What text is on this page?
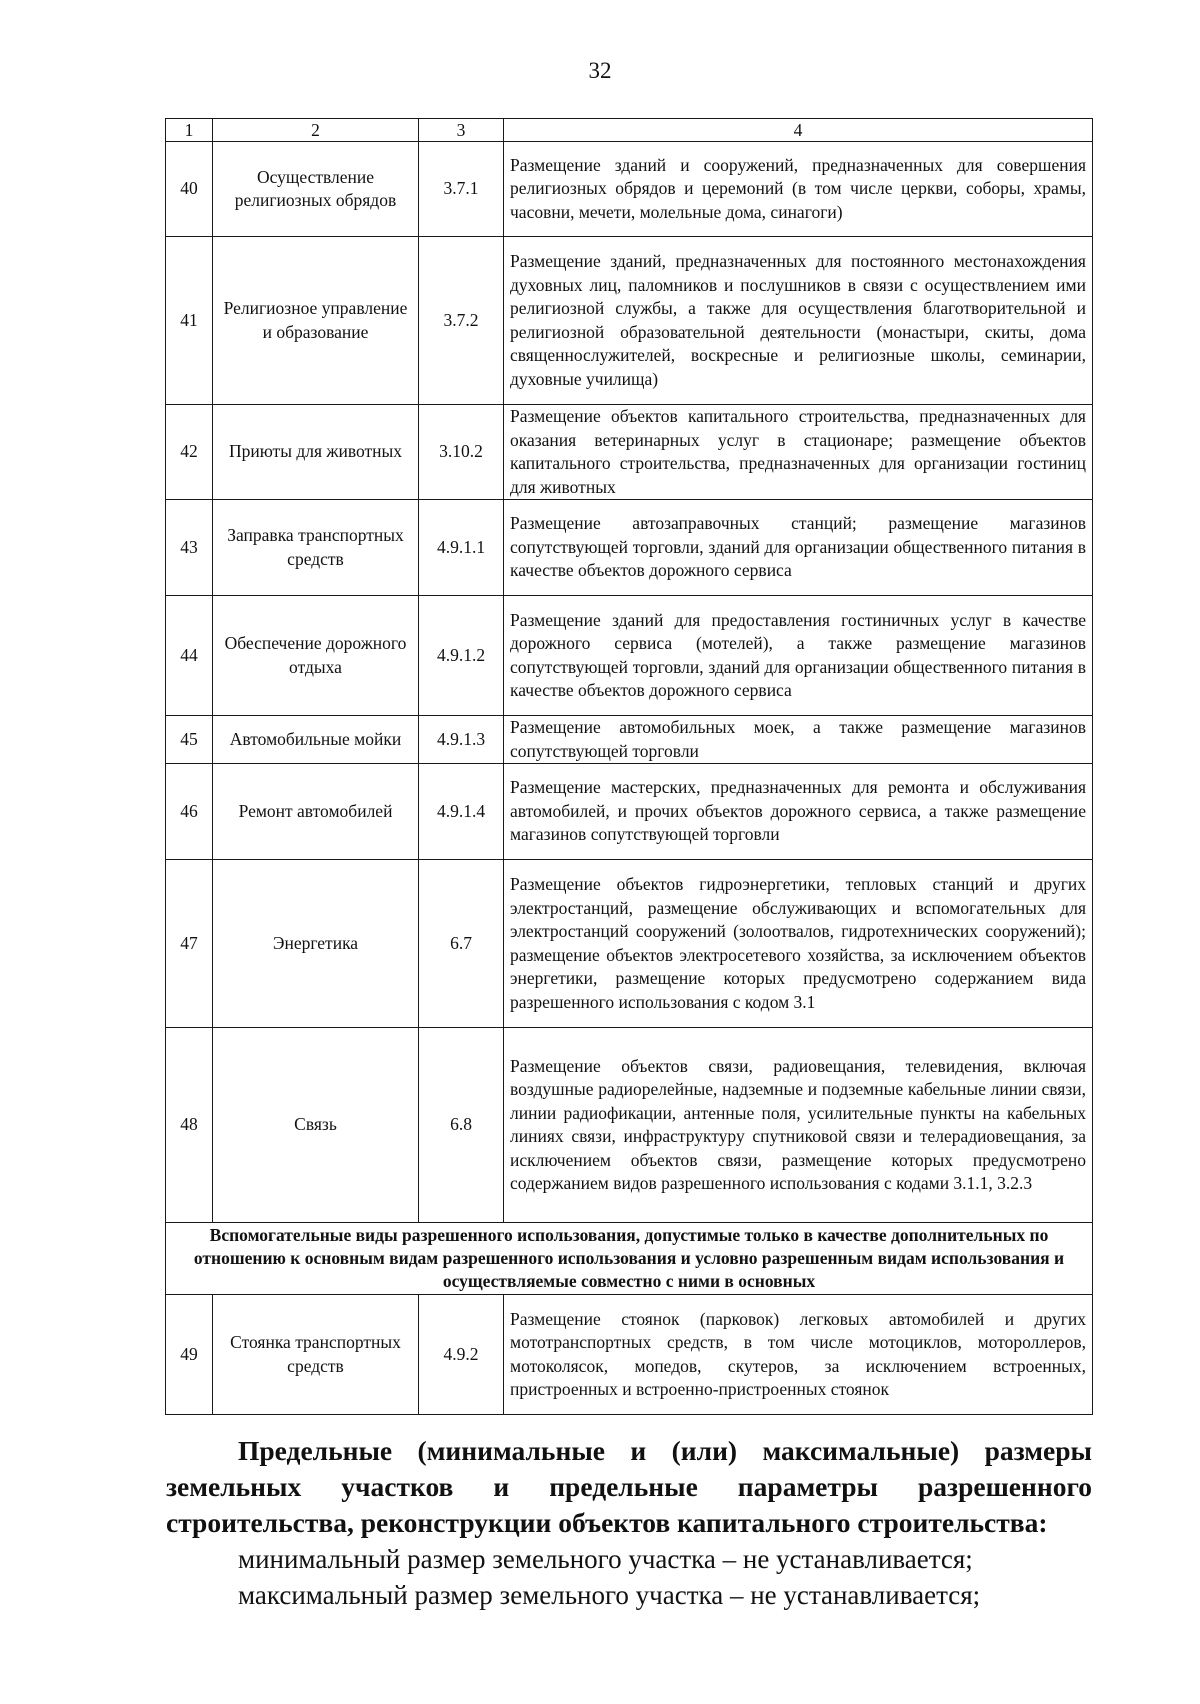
32
1	2	3	4
40	Осуществление религиозных обрядов	3.7.1	Размещение зданий и сооружений, предназначенных для совершения религиозных обрядов и церемоний (в том числе церкви, соборы, храмы, часовни, мечети, молельные дома, синагоги)
41	Религиозное управление и образование	3.7.2	Размещение зданий, предназначенных для постоянного местонахождения духовных лиц, паломников и послушников в связи с осуществлением ими религиозной службы, а также для осуществления благотворительной и религиозной образовательной деятельности (монастыри, скиты, дома священнослужителей, воскресные и религиозные школы, семинарии, духовные училища)
42	Приюты для животных	3.10.2	Размещение объектов капитального строительства, предназначенных для оказания ветеринарных услуг в стационаре; размещение объектов капитального строительства, предназначенных для организации гостиниц для животных
43	Заправка транспортных средств	4.9.1.1	Размещение автозаправочных станций; размещение магазинов сопутствующей торговли, зданий для организации общественного питания в качестве объектов дорожного сервиса
44	Обеспечение дорожного отдыха	4.9.1.2	Размещение зданий для предоставления гостиничных услуг в качестве дорожного сервиса (мотелей), а также размещение магазинов сопутствующей торговли, зданий для организации общественного питания в качестве объектов дорожного сервиса
45	Автомобильные мойки	4.9.1.3	Размещение автомобильных моек, а также размещение магазинов сопутствующей торговли
46	Ремонт автомобилей	4.9.1.4	Размещение мастерских, предназначенных для ремонта и обслуживания автомобилей, и прочих объектов дорожного сервиса, а также размещение магазинов сопутствующей торговли
47	Энергетика	6.7	Размещение объектов гидроэнергетики, тепловых станций и других электростанций, размещение обслуживающих и вспомогательных для электростанций сооружений (золоотвалов, гидротехнических сооружений); размещение объектов электросетевого хозяйства, за исключением объектов энергетики, размещение которых предусмотрено содержанием вида разрешенного использования с кодом 3.1
48	Связь	6.8	Размещение объектов связи, радиовещания, телевидения, включая воздушные радиорелейные, надземные и подземные кабельные линии связи, линии радиофикации, антенные поля, усилительные пункты на кабельных линиях связи, инфраструктуру спутниковой связи и телерадиовещания, за исключением объектов связи, размещение которых предусмотрено содержанием видов разрешенного использования с кодами 3.1.1, 3.2.3
Вспомогательные виды разрешенного использования, допустимые только в качестве дополнительных по отношению к основным видам разрешенного использования и условно разрешенным видам использования и осуществляемые совместно с ними в основных			
49	Стоянка транспортных средств	4.9.2	Размещение стоянок (парковок) легковых автомобилей и других мототранспортных средств, в том числе мотоциклов, мотороллеров, мотоколясок, мопедов, скутеров, за исключением встроенных, пристроенных и встроенно-пристроенных стоянок
Предельные (минимальные и (или) максимальные) размеры
земельных участков и предельные параметры разрешенного
строительства, реконструкции объектов капитального строительства:
минимальный размер земельного участка – не устанавливается;
максимальный размер земельного участка – не устанавливается;
